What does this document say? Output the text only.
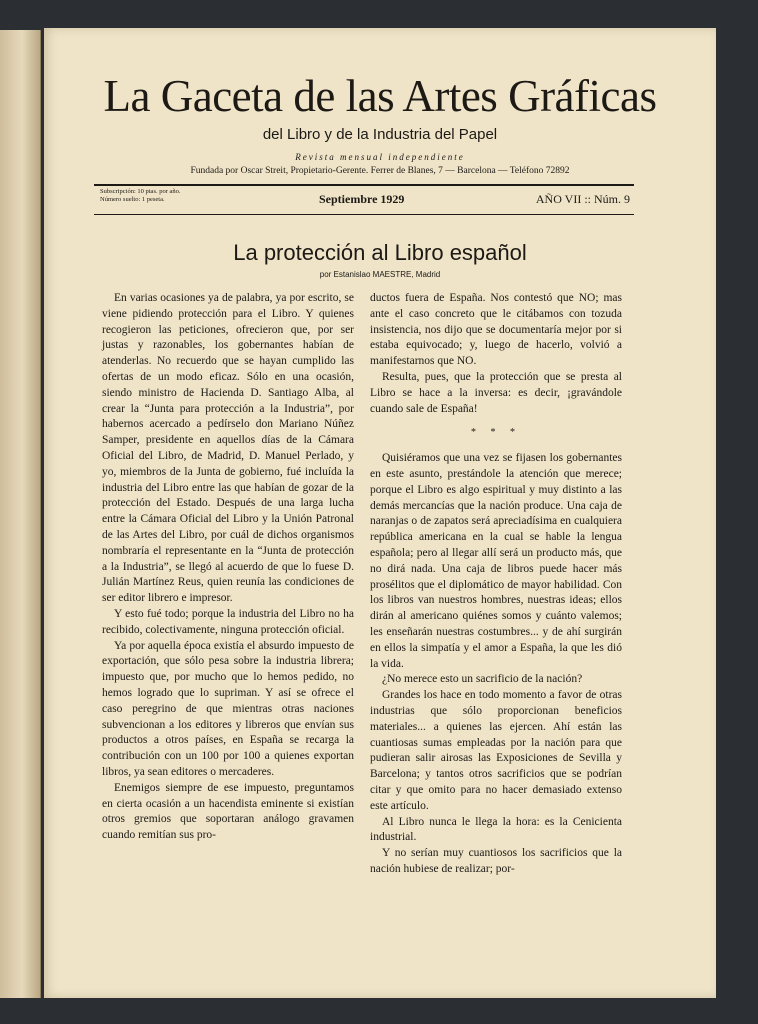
La Gaceta de las Artes Gráficas
del Libro y de la Industria del Papel
Revista mensual independiente
Fundada por Oscar Streit, Propietario-Gerente. Ferrer de Blanes, 7 — Barcelona — Teléfono 72892
Subscripción: 10 ptas. por año.
Número suelto: 1 peseta.	Septiembre 1929	AÑO VII :: Núm. 9
La protección al Libro español
por Estanislao MAESTRE, Madrid

En varias ocasiones ya de palabra, ya por escrito, se viene pidiendo protección para el Libro. Y quienes recogieron las peticiones, ofrecieron que, por ser justas y razonables, los gobernantes habían de atenderlas. No recuerdo que se hayan cumplido las ofertas de un modo eficaz. Sólo en una ocasión, siendo ministro de Hacienda D. Santiago Alba, al crear la “Junta para protección a la Industria”, por habernos acercado a pedírselo don Mariano Núñez Samper, presidente en aquellos días de la Cámara Oficial del Libro, de Madrid, D. Manuel Perlado, y yo, miembros de la Junta de gobierno, fué incluída la industria del Libro entre las que habían de gozar de la protección del Estado. Después de una larga lucha entre la Cámara Oficial del Libro y la Unión Patronal de las Artes del Libro, por cuál de dichos organismos nombraría el representante en la “Junta de protección a la Industria”, se llegó al acuerdo de que lo fuese D. Julián Martínez Reus, quien reunía las condiciones de ser editor librero e impresor.

Y esto fué todo; porque la industria del Libro no ha recibido, colectivamente, ninguna protección oficial.

Ya por aquella época existía el absurdo impuesto de exportación, que sólo pesa sobre la industria librera; impuesto que, por mucho que lo hemos pedido, no hemos logrado que lo supriman. Y así se ofrece el caso peregrino de que mientras otras naciones subvencionan a los editores y libreros que envían sus productos a otros países, en España se recarga la contribución con un 100 por 100 a quienes exportan libros, ya sean editores o mercaderes.

Enemigos siempre de ese impuesto, preguntamos en cierta ocasión a un hacendista eminente si existían otros gremios que soportaran análogo gravamen cuando remitían sus pro-

ductos fuera de España. Nos contestó que NO; mas ante el caso concreto que le citábamos con tozuda insistencia, nos dijo que se documentaría mejor por si estaba equivocado; y, luego de hacerlo, volvió a manifestarnos que NO.

Resulta, pues, que la protección que se presta al Libro se hace a la inversa: es decir, ¡gravándole cuando sale de España!

* * *

Quisiéramos que una vez se fijasen los gobernantes en este asunto, prestándole la atención que merece; porque el Libro es algo espiritual y muy distinto a las demás mercancías que la nación produce. Una caja de naranjas o de zapatos será apreciadísima en cualquiera república americana en la cual se hable la lengua española; pero al llegar allí será un producto más, que no dirá nada. Una caja de libros puede hacer más prosélitos que el diplomático de mayor habilidad. Con los libros van nuestros hombres, nuestras ideas; ellos dirán al americano quiénes somos y cuánto valemos; les enseñarán nuestras costumbres... y de ahí surgirán en ellos la simpatía y el amor a España, la que les dió la vida.

¿No merece esto un sacrificio de la nación?

Grandes los hace en todo momento a favor de otras industrias que sólo proporcionan beneficios materiales... a quienes las ejercen. Ahí están las cuantiosas sumas empleadas por la nación para que pudieran salir airosas las Exposiciones de Sevilla y Barcelona; y tantos otros sacrificios que se podrían citar y que omito para no hacer demasiado extenso este artículo.

Al Libro nunca le llega la hora: es la Cenicienta industrial.

Y no serían muy cuantiosos los sacrificios que la nación hubiese de realizar; por-
